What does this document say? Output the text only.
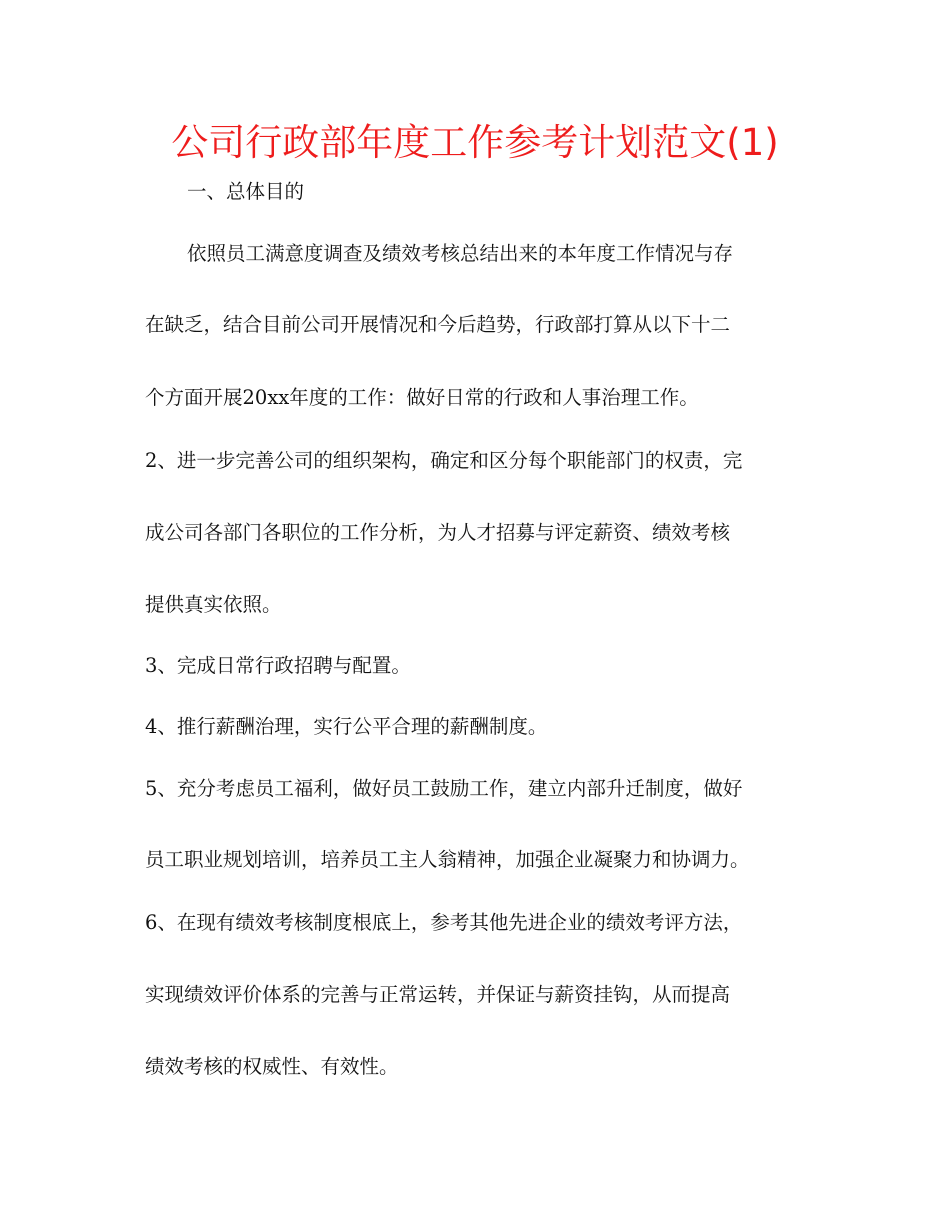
公司行政部年度工作参考计划范文(1)

一、总体目的

依照员工满意度调查及绩效考核总结出来的本年度工作情况与存

在缺乏，结合目前公司开展情况和今后趋势，行政部打算从以下十二

个方面开展20xx年度的工作：做好日常的行政和人事治理工作。

2、进一步完善公司的组织架构，确定和区分每个职能部门的权责，完

成公司各部门各职位的工作分析，为人才招募与评定薪资、绩效考核

提供真实依照。

3、完成日常行政招聘与配置。

4、推行薪酬治理，实行公平合理的薪酬制度。

5、充分考虑员工福利，做好员工鼓励工作，建立内部升迁制度，做好

员工职业规划培训，培养员工主人翁精神，加强企业凝聚力和协调力。

6、在现有绩效考核制度根底上，参考其他先进企业的绩效考评方法，

实现绩效评价体系的完善与正常运转，并保证与薪资挂钩，从而提高

绩效考核的权威性、有效性。
